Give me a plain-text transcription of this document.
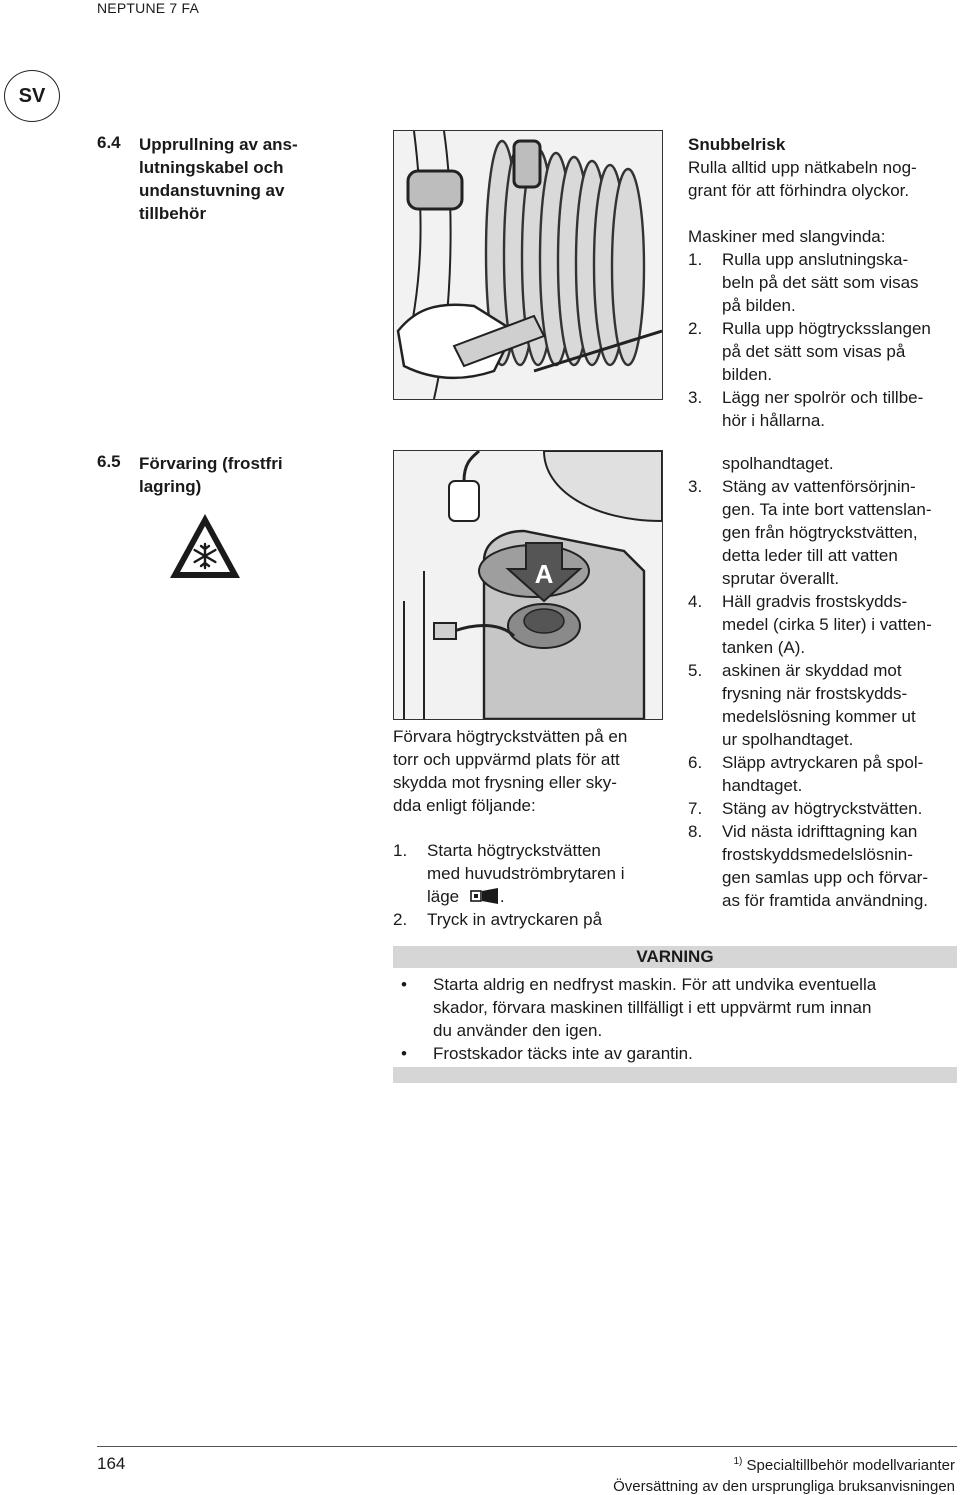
NEPTUNE 7 FA
SV
6.4 Upprullning av ans-
lutningskabel och
undanstuvning av
tillbehör
Snubbelrisk
Rulla alltid upp nätkabeln nog-
grant för att förhindra olyckor.
Maskiner med slangvinda:
1. Rulla upp anslutningska-
beln på det sätt som visas
på bilden.
2. Rulla upp högtrycksslangen
på det sätt som visas på
bilden.
3. Lägg ner spolrör och tillbe-
hör i hållarna.
6.5 Förvaring (frostfri
lagring)
A
Förvara högtryckstvätten på en
torr och uppvärmd plats för att
skydda mot frysning eller sky-
dda enligt följande:
1. Starta högtryckstvätten
med huvudströmbrytaren i
läge .
2. Tryck in avtryckaren på
spolhandtaget.
3. Stäng av vattenförsörjnin-
gen. Ta inte bort vattenslan-
gen från högtryckstvätten,
detta leder till att vatten
sprutar överallt.
4. Häll gradvis frostskydds-
medel (cirka 5 liter) i vatten-
tanken (A).
5. askinen är skyddad mot
frysning när frostskydds-
medelslösning kommer ut
ur spolhandtaget.
6. Släpp avtryckaren på spol-
handtaget.
7. Stäng av högtryckstvätten.
8. Vid nästa idrifttagning kan
frostskyddsmedelslösnin-
gen samlas upp och förvar-
as för framtida användning.
VARNING
• Starta aldrig en nedfryst maskin. För att undvika eventuella
skador, förvara maskinen tillfälligt i ett uppvärmt rum innan
du använder den igen.
• Frostskador täcks inte av garantin.
164	$^{1)}$ Specialtillbehör modellvarianter
Översättning av den ursprungliga bruksanvisningen
